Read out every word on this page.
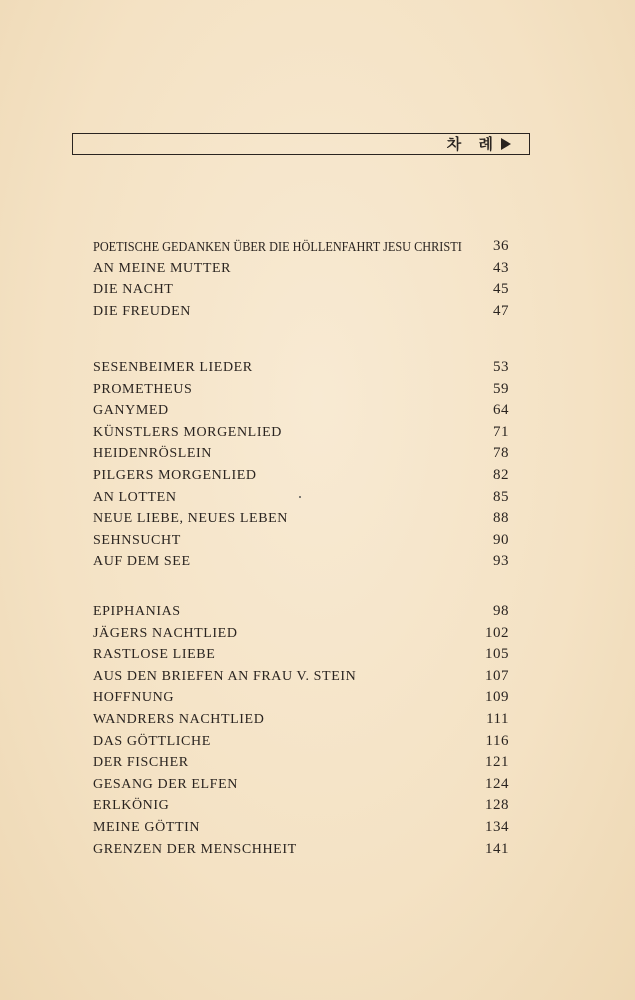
차 례
POETISCHE GEDANKEN ÜBER DIE HÖLLENFAHRT JESU CHRISTI 36
AN MEINE MUTTER	43
DIE NACHT	45
DIE FREUDEN	47
SESENBEIMER LIEDER	53
PROMETHEUS	59
GANYMED	64
KÜNSTLERS MORGENLIED	71
HEIDENRÖSLEIN	78
PILGERS MORGENLIED	82
AN LOTTEN	85
NEUE LIEBE, NEUES LEBEN	88
SEHNSUCHT	90
AUF DEM SEE	93
EPIPHANIAS	98
JÄGERS NACHTLIED	102
RASTLOSE LIEBE	105
AUS DEN BRIEFEN AN FRAU V. STEIN	107
HOFFNUNG	109
WANDRERS NACHTLIED	111
DAS GÖTTLICHE	116
DER FISCHER	121
GESANG DER ELFEN	124
ERLKÖNIG	128
MEINE GÖTTIN	134
GRENZEN DER MENSCHHEIT	141
